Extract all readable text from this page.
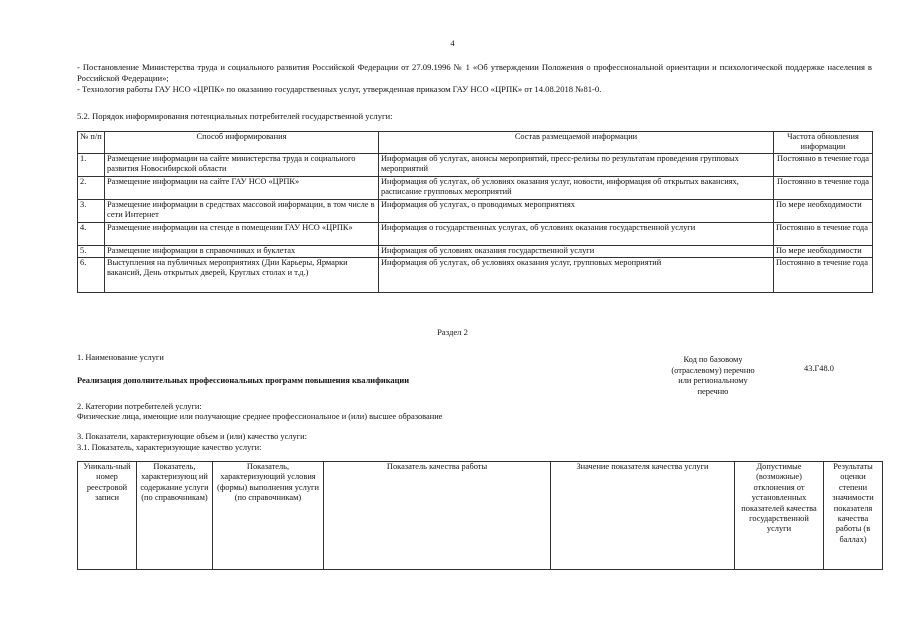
4
- Постановление Министерства труда и социального развития Российской Федерации от 27.09.1996 № 1 «Об утверждении Положения о профессиональной ориентации и психологической поддержке населения в Российской Федерации»;
- Технология работы ГАУ НСО «ЦРПК» по оказанию государственных услуг, утвержденная приказом ГАУ НСО «ЦРПК» от 14.08.2018 №81-0.
5.2. Порядок информирования потенциальных потребителей государственной услуги:
№ п/п	Способ информирования	Состав размещаемой информации	Частота обновления информации
1.	Размещение информации на сайте министерства труда и социального развития Новосибирской области	Информация об услугах, анонсы мероприятий, пресс-релизы по результатам проведения групповых мероприятий	Постоянно в течение года
2.	Размещение информации на сайте ГАУ НСО «ЦРПК»	Информация об услугах, об условиях оказания услуг, новости, информация об открытых вакансиях, расписание групповых мероприятий	Постоянно в течение года
3.	Размещение информации в средствах массовой информации, в том числе в сети Интернет	Информация об услугах, о проводимых мероприятиях	По мере необходимости
4.	Размещение информации на стенде в помещении ГАУ НСО «ЦРПК»	Информация о государственных услугах, об условиях оказания государственной услуги	Постоянно в течение года
5.	Размещение информации в справочниках и буклетах	Информация об условиях оказания государственной услуги	По мере необходимости
6.	Выступления на публичных мероприятиях (Дни Карьеры, Ярмарки вакансий, День открытых дверей, Круглых столах и т.д.)	Информация об услугах, об условиях оказания услуг, групповых мероприятий	Постоянно в течение года
Раздел 2
1. Наименование услуги
Реализация дополнительных профессиональных программ повышения квалификации
Код по базовому (отраслевому) перечню или региональному перечню
43.Г48.0
2. Категории потребителей услуги:
Физические лица, имеющие или получающие среднее профессиональное и (или) высшее образование
3. Показатели, характеризующие объем и (или) качество услуги:
3.1. Показатель, характеризующие качество услуги:
Уникаль-ный номер реестровой записи	Показатель, характеризующ ий содержание услуги (по справочникам)	Показатель, характеризующий условия (формы) выполнения услуги (по справочникам)	Показатель качества работы	Значение показателя качества услуги	Допустимые (возможные) отклонения от установленных показателей качества государственной услуги	Результаты оценки степени значимости показателя качества работы (в баллах)
